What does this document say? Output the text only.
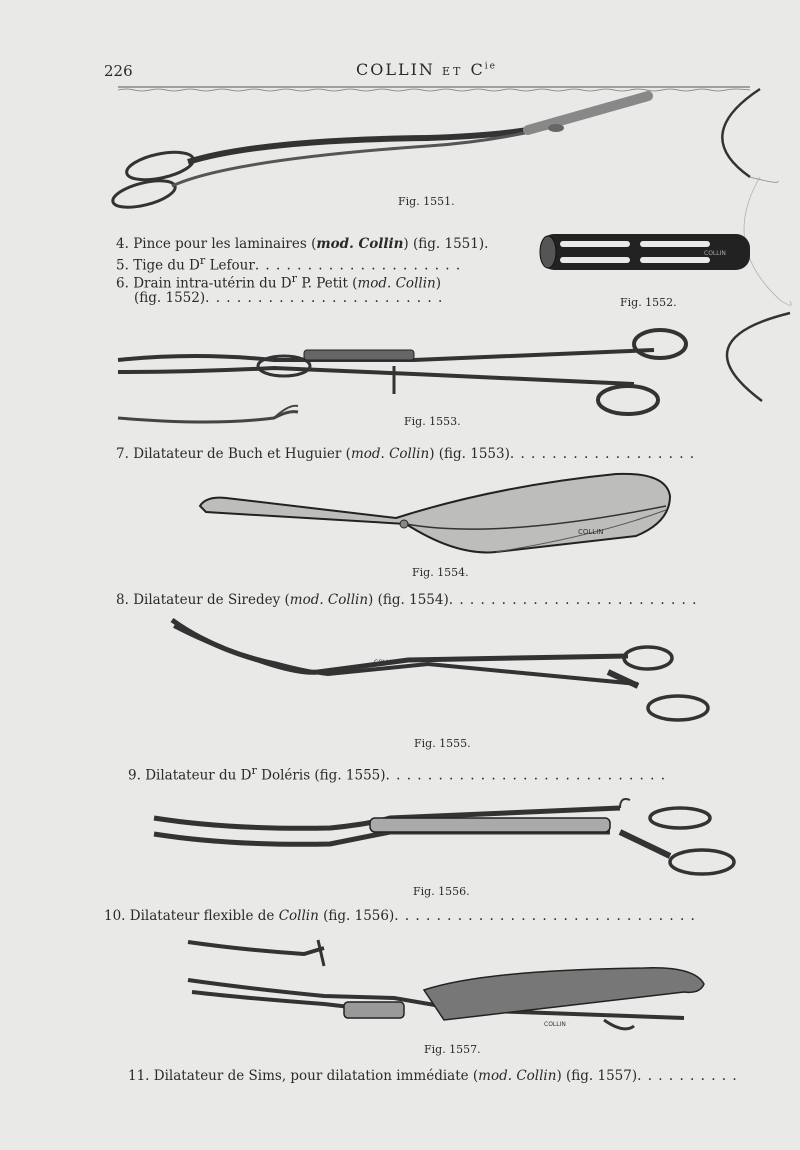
226	COLLIN ET $C^{ie}$
Fig. 1551.
COLLIN
Fig. 1552.
4. Pince pour les laminaires (mod. Collin) (fig. 1551).
5. Tige du $D^r$ Lefour. . . . . . . . . . . . . . . . . . . .
6. Drain intra-utérin du $D^r$ P. Petit (mod. Collin)
(fig. 1552). . . . . . . . . . . . . . . . . . . . . . .
Fig. 1553.
7. Dilatateur de Buch et Huguier (mod. Collin) (fig. 1553). . . . . . . . . . . . . . . . . .
COLLIN
Fig. 1554.
8. Dilatateur de Siredey (mod. Collin) (fig. 1554). . . . . . . . . . . . . . . . . . . . . . . .
COLLIN
Fig. 1555.
9. Dilatateur du $D^r$ Doléris (fig. 1555). . . . . . . . . . . . . . . . . . . . . . . . . . .
Fig. 1556.
10. Dilatateur flexible de Collin (fig. 1556). . . . . . . . . . . . . . . . . . . . . . . . . . . . .
COLLIN
Fig. 1557.
11. Dilatateur de Sims, pour dilatation immédiate (mod. Collin) (fig. 1557). . . . . . . . . .
